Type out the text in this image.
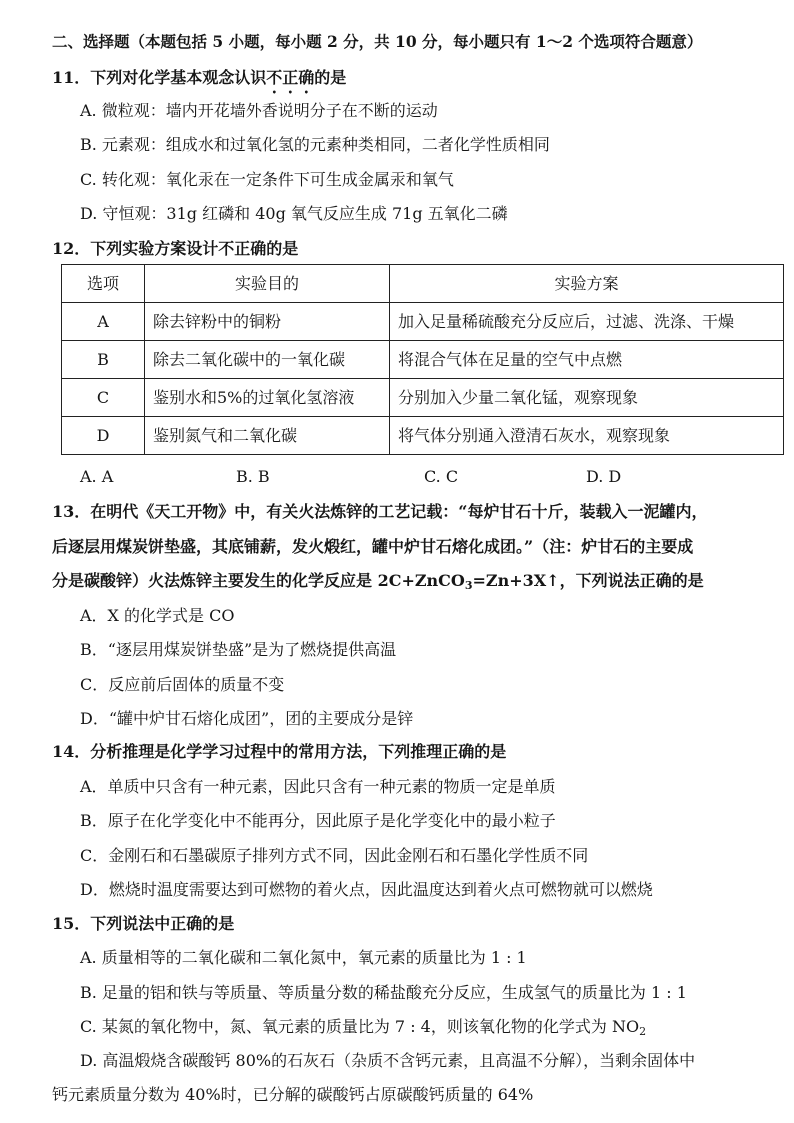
二、选择题（本题包括 5 小题，每小题 2 分，共 10 分，每小题只有 1～2 个选项符合题意）
11．下列对化学基本观念认识不正确的是
A. 微粒观：墙内开花墙外香说明分子在不断的运动
B. 元素观：组成水和过氧化氢的元素种类相同，二者化学性质相同
C. 转化观：氧化汞在一定条件下可生成金属汞和氧气
D. 守恒观：31g 红磷和 40g 氧气反应生成 71g 五氧化二磷
12．下列实验方案设计不正确的是
选项	实验目的	实验方案
A	除去锌粉中的铜粉	加入足量稀硫酸充分反应后，过滤、洗涤、干燥
B	除去二氧化碳中的一氧化碳	将混合气体在足量的空气中点燃
C	鉴别水和5%的过氧化氢溶液	分别加入少量二氧化锰，观察现象
D	鉴别氮气和二氧化碳	将气体分别通入澄清石灰水，观察现象
A. A	B. B	C. C	D. D
13．在明代《天工开物》中，有关火法炼锌的工艺记载：“每炉甘石十斤，装载入一泥罐内，
后逐层用煤炭饼垫盛，其底铺薪，发火煅红，罐中炉甘石熔化成团。”（注：炉甘石的主要成
分是碳酸锌）火法炼锌主要发生的化学反应是 2C+ZnCO$_3$=Zn+3X↑，下列说法正确的是
A．X 的化学式是 CO
B．“逐层用煤炭饼垫盛”是为了燃烧提供高温
C．反应前后固体的质量不变
D．“罐中炉甘石熔化成团”，团的主要成分是锌
14．分析推理是化学学习过程中的常用方法，下列推理正确的是
A．单质中只含有一种元素，因此只含有一种元素的物质一定是单质
B．原子在化学变化中不能再分，因此原子是化学变化中的最小粒子
C．金刚石和石墨碳原子排列方式不同，因此金刚石和石墨化学性质不同
D．燃烧时温度需要达到可燃物的着火点，因此温度达到着火点可燃物就可以燃烧
15．下列说法中正确的是
A. 质量相等的二氧化碳和二氧化氮中，氧元素的质量比为 1 : 1
B. 足量的铝和铁与等质量、等质量分数的稀盐酸充分反应，生成氢气的质量比为 1 : 1
C. 某氮的氧化物中，氮、氧元素的质量比为 7 : 4，则该氧化物的化学式为 $NO_2$
D. 高温煅烧含碳酸钙 80%的石灰石（杂质不含钙元素，且高温不分解），当剩余固体中
钙元素质量分数为 40%时，已分解的碳酸钙占原碳酸钙质量的 64%
